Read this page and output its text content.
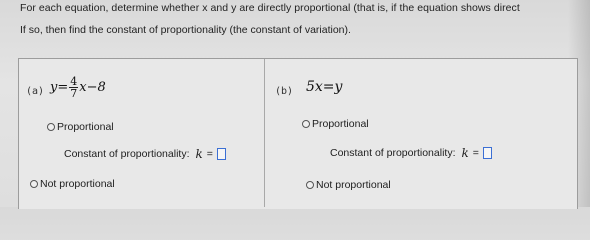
For each equation, determine whether x and y are directly proportional (that is, if the equation shows direct
If so, then find the constant of proportionality (the constant of variation).
(a) $y= \frac{4}{7} x-8$
Proportional
Constant of proportionality: k =
Not proportional
(b) 5x=y
Proportional
Constant of proportionality: k =
Not proportional
